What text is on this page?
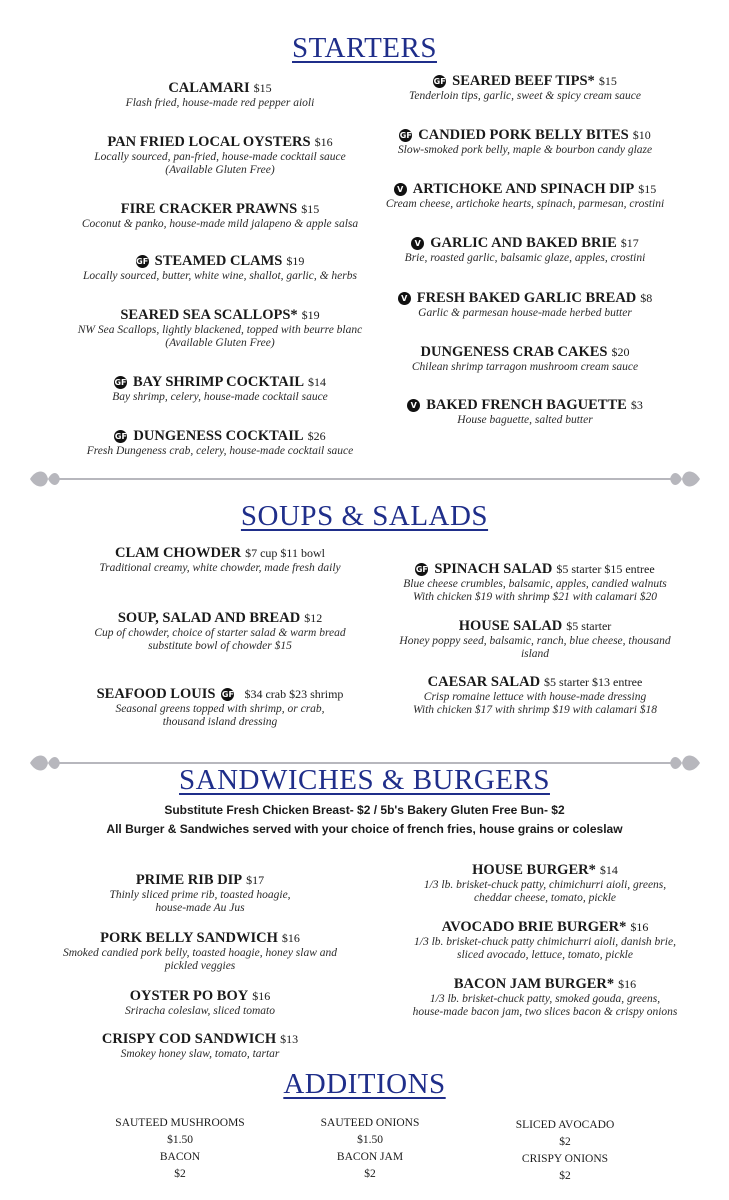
STARTERS
CALAMARI $15
Flash fried, house-made red pepper aioli
PAN FRIED LOCAL OYSTERS $16
Locally sourced, pan-fried, house-made cocktail sauce
(Available Gluten Free)
FIRE CRACKER PRAWNS $15
Coconut & panko, house-made mild jalapeno & apple salsa
GF STEAMED CLAMS $19
Locally sourced, butter, white wine, shallot, garlic, & herbs
SEARED SEA SCALLOPS* $19
NW Sea Scallops, lightly blackened, topped with beurre blanc
(Available Gluten Free)
GF BAY SHRIMP COCKTAIL $14
Bay shrimp, celery, house-made cocktail sauce
GF DUNGENESS COCKTAIL $26
Fresh Dungeness crab, celery, house-made cocktail sauce
GF SEARED BEEF TIPS* $15
Tenderloin tips, garlic, sweet & spicy cream sauce
GF CANDIED PORK BELLY BITES $10
Slow-smoked pork belly, maple & bourbon candy glaze
V ARTICHOKE AND SPINACH DIP $15
Cream cheese, artichoke hearts, spinach, parmesan, crostini
V GARLIC AND BAKED BRIE $17
Brie, roasted garlic, balsamic glaze, apples, crostini
V FRESH BAKED GARLIC BREAD $8
Garlic & parmesan house-made herbed butter
DUNGENESS CRAB CAKES $20
Chilean shrimp tarragon mushroom cream sauce
V BAKED FRENCH BAGUETTE $3
House baguette, salted butter
SOUPS & SALADS
CLAM CHOWDER $7 cup $11 bowl
Traditional creamy, white chowder, made fresh daily
SOUP, SALAD AND BREAD $12
Cup of chowder, choice of starter salad & warm bread
substitute bowl of chowder $15
SEAFOOD LOUIS GF $34 crab $23 shrimp
Seasonal greens topped with shrimp, or crab,
thousand island dressing
GF SPINACH SALAD $5 starter $15 entree
Blue cheese crumbles, balsamic, apples, candied walnuts
With chicken $19 with shrimp $21 with calamari $20
HOUSE SALAD $5 starter
Honey poppy seed, balsamic, ranch, blue cheese, thousand
island
CAESAR SALAD $5 starter $13 entree
Crisp romaine lettuce with house-made dressing
With chicken $17 with shrimp $19 with calamari $18
SANDWICHES & BURGERS
Substitute Fresh Chicken Breast- $2 / 5b's Bakery Gluten Free Bun- $2
All Burger & Sandwiches served with your choice of french fries, house grains or coleslaw
PRIME RIB DIP $17
Thinly sliced prime rib, toasted hoagie,
house-made Au Jus
PORK BELLY SANDWICH $16
Smoked candied pork belly, toasted hoagie, honey slaw and
pickled veggies
OYSTER PO BOY $16
Sriracha coleslaw, sliced tomato
CRISPY COD SANDWICH $13
Smokey honey slaw, tomato, tartar
HOUSE BURGER* $14
1/3 lb. brisket-chuck patty, chimichurri aioli, greens,
cheddar cheese, tomato, pickle
AVOCADO BRIE BURGER* $16
1/3 lb. brisket-chuck patty chimichurri aioli, danish brie,
sliced avocado, lettuce, tomato, pickle
BACON JAM BURGER* $16
1/3 lb. brisket-chuck patty, smoked gouda, greens,
house-made bacon jam, two slices bacon & crispy onions
ADDITIONS
SAUTEED MUSHROOMS
$1.50
BACON
$2
SAUTEED ONIONS
$1.50
BACON JAM
$2
SLICED AVOCADO
$2
CRISPY ONIONS
$2
